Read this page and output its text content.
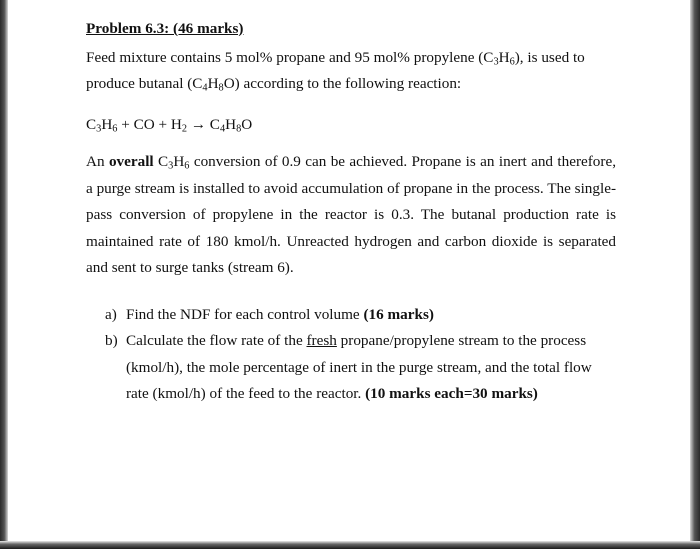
Problem 6.3: (46 marks)

Feed mixture contains 5 mol% propane and 95 mol% propylene $(C_3H_6)$, is used to produce butanal $(C_4H_8O)$ according to the following reaction:

$C_3H_6$ + CO + $H_2 \to C_4H_8O$

An overall $C_3H_6$ conversion of 0.9 can be achieved. Propane is an inert and therefore, a purge stream is installed to avoid accumulation of propane in the process. The single-pass conversion of propylene in the reactor is 0.3. The butanal production rate is maintained rate of 180 kmol/h. Unreacted hydrogen and carbon dioxide is separated and sent to surge tanks (stream 6).

a) Find the NDF for each control volume (16 marks)
b) Calculate the flow rate of the fresh propane/propylene stream to the process (kmol/h), the mole percentage of inert in the purge stream, and the total flow rate (kmol/h) of the feed to the reactor. (10 marks each=30 marks)
